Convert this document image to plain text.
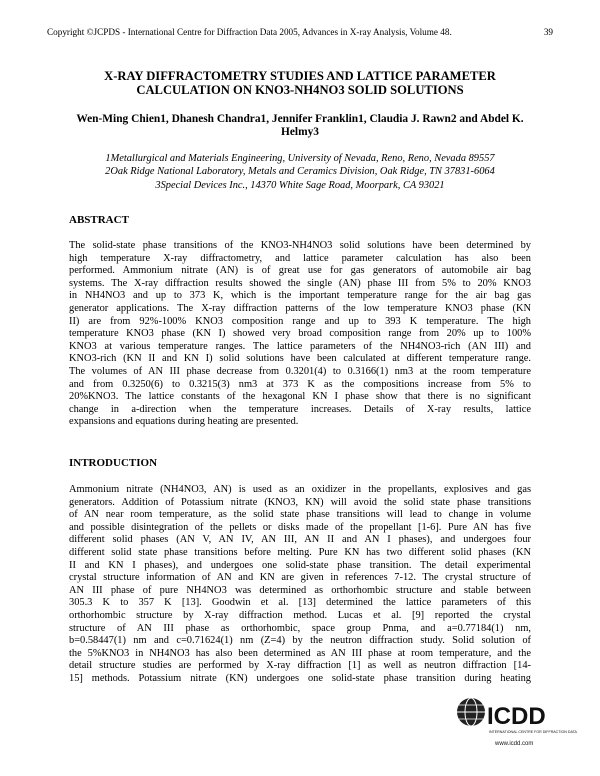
Copyright ©JCPDS - International Centre for Diffraction Data 2005, Advances in X-ray Analysis, Volume 48.	39
X-RAY DIFFRACTOMETRY STUDIES AND LATTICE PARAMETER
CALCULATION ON KNO3-NH4NO3 SOLID SOLUTIONS
Wen-Ming Chien1, Dhanesh Chandra1, Jennifer Franklin1, Claudia J. Rawn2 and Abdel K.
Helmy3
1Metallurgical and Materials Engineering, University of Nevada, Reno, Reno, Nevada 89557
2Oak Ridge National Laboratory, Metals and Ceramics Division, Oak Ridge, TN 37831-6064
3Special Devices Inc., 14370 White Sage Road, Moorpark, CA 93021
ABSTRACT
The solid-state phase transitions of the KNO3-NH4NO3 solid solutions have been determined by
high temperature X-ray diffractometry, and lattice parameter calculation has also been
performed. Ammonium nitrate (AN) is of great use for gas generators of automobile air bag
systems. The X-ray diffraction results showed the single (AN) phase III from 5% to 20% KNO3
in NH4NO3 and up to 373 K, which is the important temperature range for the air bag gas
generator applications. The X-ray diffraction patterns of the low temperature KNO3 phase (KN
II) are from 92%-100% KNO3 composition range and up to 393 K temperature. The high
temperature KNO3 phase (KN I) showed very broad composition range from 20% up to 100%
KNO3 at various temperature ranges. The lattice parameters of the NH4NO3-rich (AN III) and
KNO3-rich (KN II and KN I) solid solutions have been calculated at different temperature range.
The volumes of AN III phase decrease from 0.3201(4) to 0.3166(1) nm3 at the room temperature
and from 0.3250(6) to 0.3215(3) nm3 at 373 K as the compositions increase from 5% to
20%KNO3. The lattice constants of the hexagonal KN I phase show that there is no significant
change in a-direction when the temperature increases. Details of X-ray results, lattice
expansions and equations during heating are presented.
INTRODUCTION
Ammonium nitrate (NH4NO3, AN) is used as an oxidizer in the propellants, explosives and gas
generators. Addition of Potassium nitrate (KNO3, KN) will avoid the solid state phase transitions
of AN near room temperature, as the solid state phase transitions will lead to change in volume
and possible disintegration of the pellets or disks made of the propellant [1-6]. Pure AN has five
different solid phases (AN V, AN IV, AN III, AN II and AN I phases), and undergoes four
different solid state phase transitions before melting. Pure KN has two different solid phases (KN
II and KN I phases), and undergoes one solid-state phase transition. The detail experimental
crystal structure information of AN and KN are given in references 7-12. The crystal structure of
AN III phase of pure NH4NO3 was determined as orthorhombic structure and stable between
305.3 K to 357 K [13]. Goodwin et al. [13] determined the lattice parameters of this
orthorhombic structure by X-ray diffraction method. Lucas et al. [9] reported the crystal
structure of AN III phase as orthorhombic, space group Pnma, and a=0.77184(1) nm,
b=0.58447(1) nm and c=0.71624(1) nm (Z=4) by the neutron diffraction study. Solid solution of
the 5%KNO3 in NH4NO3 has also been determined as AN III phase at room temperature, and the
detail structure studies are performed by X-ray diffraction [1] as well as neutron diffraction [14-
15] methods. Potassium nitrate (KN) undergoes one solid-state phase transition during heating
ICDD
INTERNATIONAL CENTRE FOR DIFFRACTION DATA
www.icdd.com
